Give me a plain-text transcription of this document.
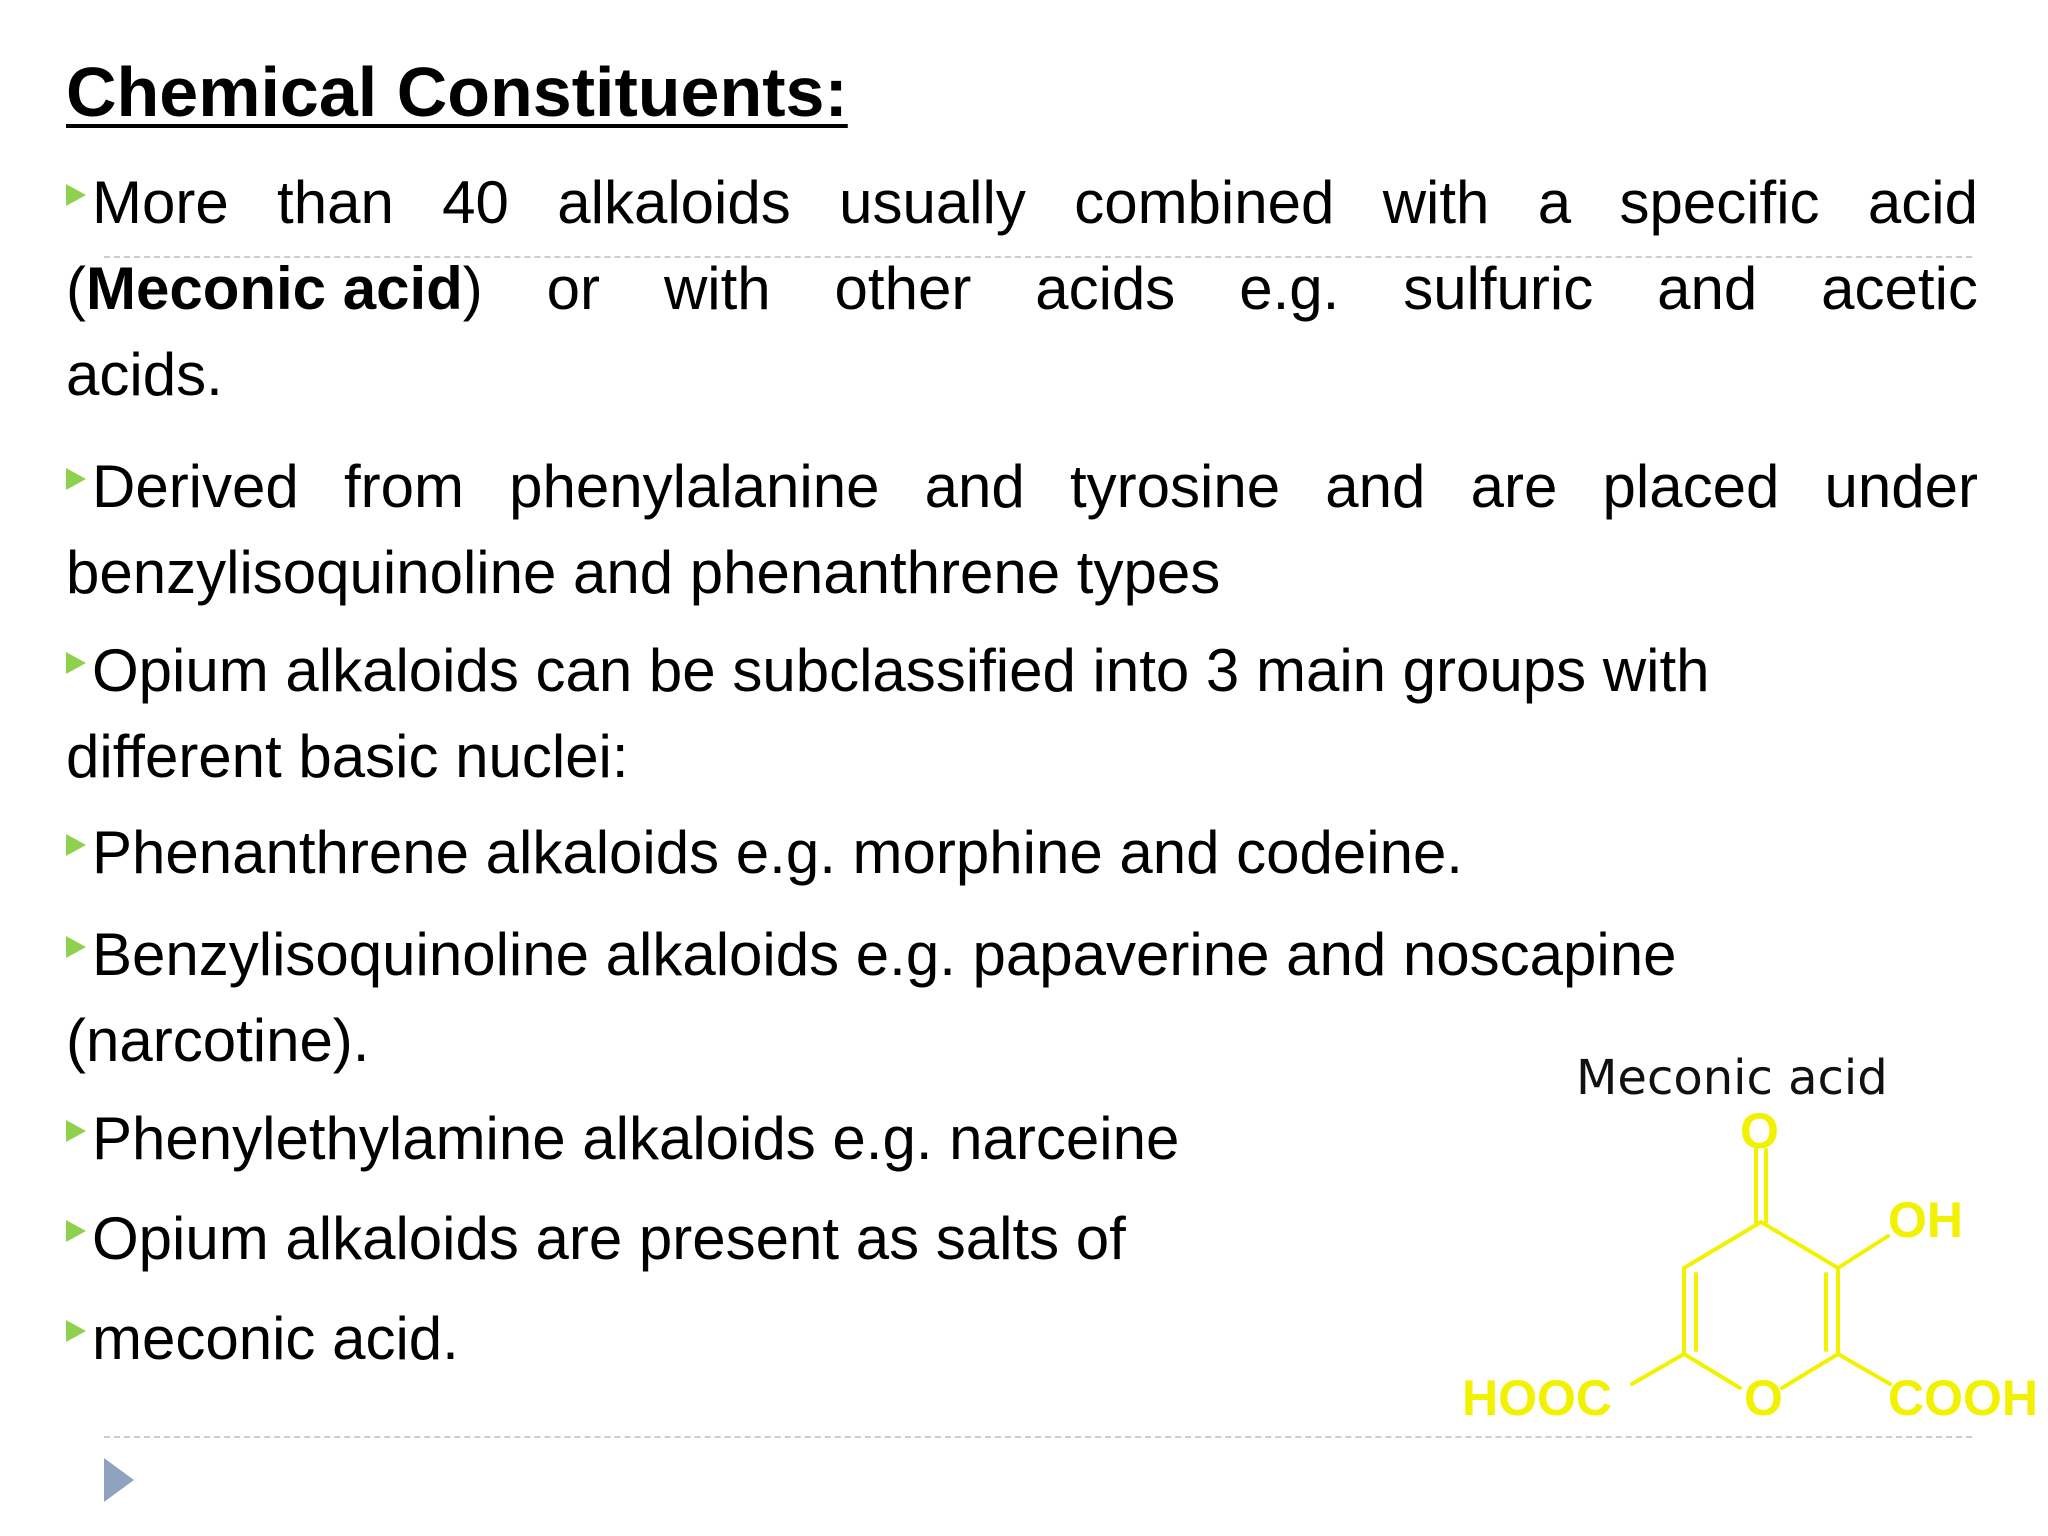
Chemical Constituents:
More than 40 alkaloids usually combined with a specific acid
(Meconic acid) or with other acids e.g. sulfuric and acetic
acids.
Derived from phenylalanine and tyrosine and are placed under
benzylisoquinoline and phenanthrene types
Opium alkaloids can be subclassified into 3 main groups with
different basic nuclei:
Phenanthrene alkaloids e.g. morphine and codeine.
Benzylisoquinoline alkaloids e.g. papaverine and noscapine
(narcotine).
Phenylethylamine alkaloids e.g. narceine
Opium alkaloids are present as salts of
meconic acid.
Meconic acid
O
OH
HOOC	O COOH
